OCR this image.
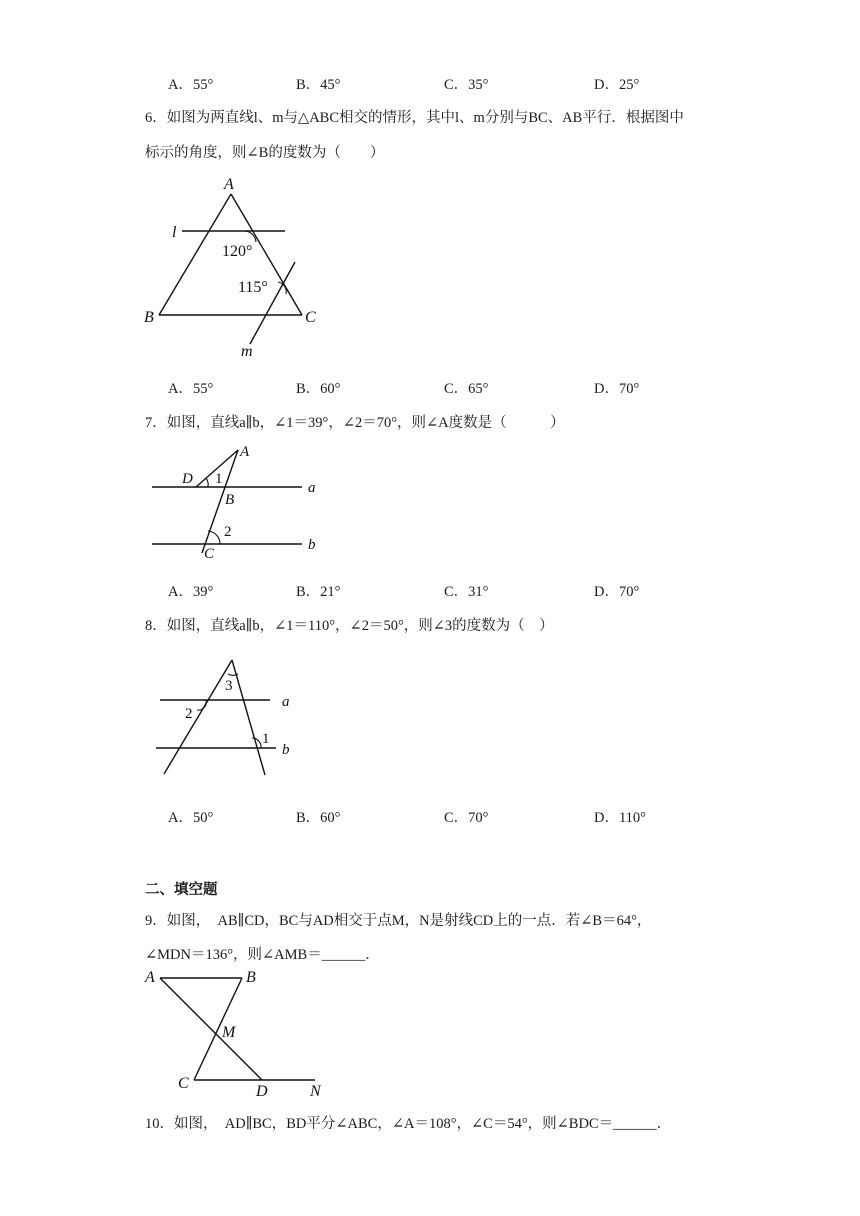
A．55°	B．45°	C．35°	D．25°
6．如图为两直线l、m与△ABC相交的情形，其中l、m分别与BC、AB平行．根据图中
标示的角度，则∠B的度数为（　　）
A
l
120°
115°
B	C
m
A．55°	B．60°	C．65°	D．70°
7．如图，直线a∥b，∠1＝39°，∠2＝70°，则∠A度数是（　　　）
A
D 1
a
B
2
b
C
A．39°	B．21°	C．31°	D．70°
8．如图，直线a∥b，∠1＝110°，∠2＝50°，则∠3的度数为（　）
3
a
2
1
b
A．50°	B．60°	C．70°	D．110°
二、填空题
9．如图，　AB∥CD，BC与AD相交于点M，N是射线CD上的一点．若∠B＝64°，
∠MDN＝136°，则∠AMB＝______．
A	B
M
C	D	N
10．如图，　AD∥BC，BD平分∠ABC，∠A＝108°，∠C＝54°，则∠BDC＝______．
